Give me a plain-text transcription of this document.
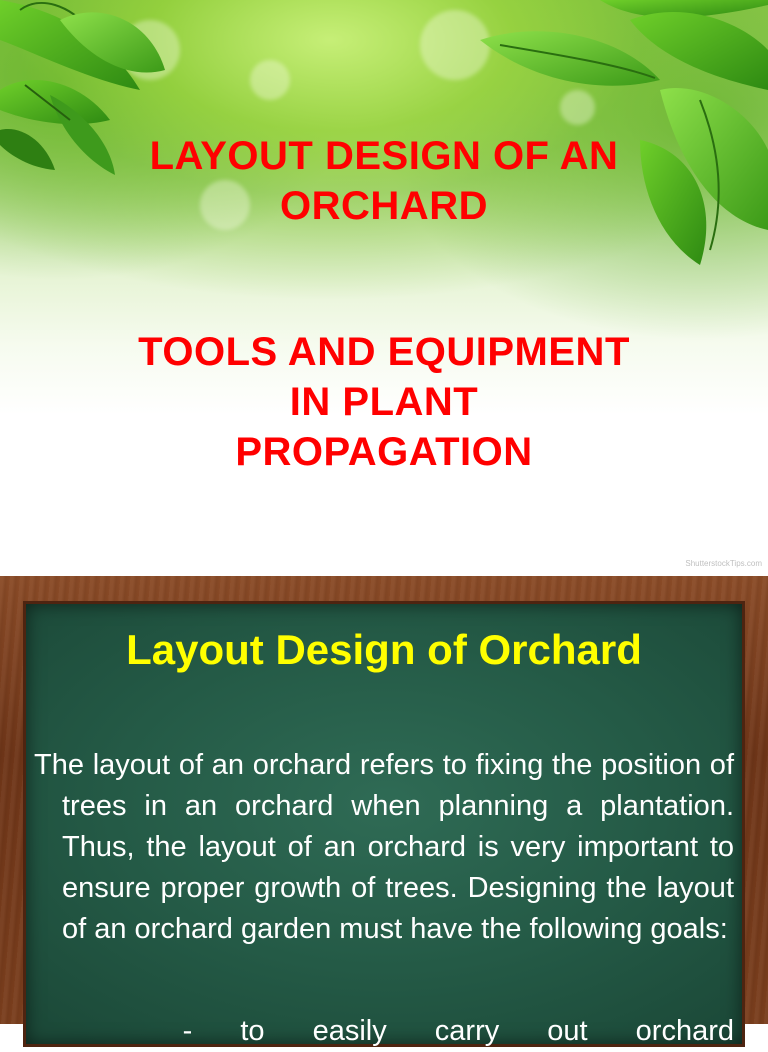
LAYOUT DESIGN OF AN
ORCHARD
TOOLS AND EQUIPMENT
IN PLANT
PROPAGATION
ShutterstockTips.com
Layout Design of Orchard
The layout of an orchard refers to fixing the position of trees in an orchard when planning a plantation. Thus, the layout of an orchard is very important to ensure proper growth of trees. Designing the layout of an orchard garden must have the following goals:
- to easily carry out orchard
